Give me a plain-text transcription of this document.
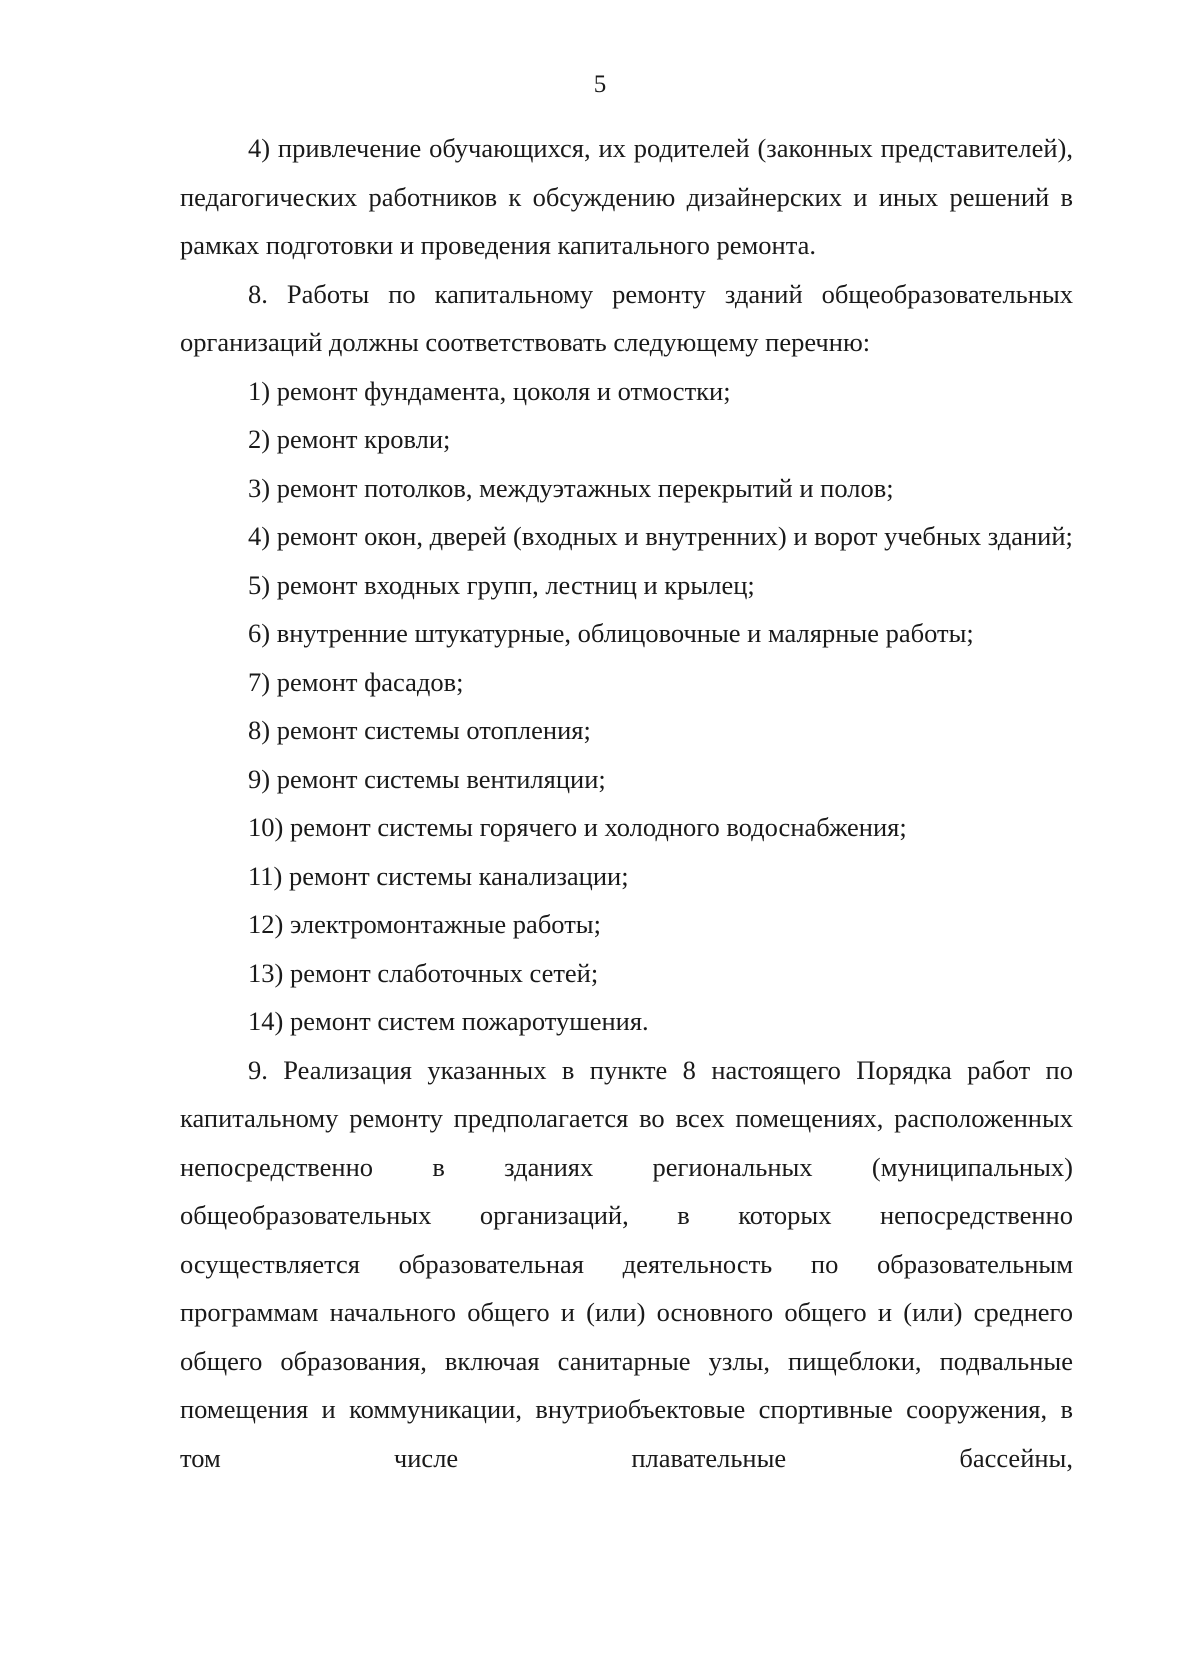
5

4) привлечение обучающихся, их родителей (законных представителей), педагогических работников к обсуждению дизайнерских и иных решений в рамках подготовки и проведения капитального ремонта.

8. Работы по капитальному ремонту зданий общеобразовательных организаций должны соответствовать следующему перечню:

1) ремонт фундамента, цоколя и отмостки;

2) ремонт кровли;

3) ремонт потолков, междуэтажных перекрытий и полов;

4) ремонт окон, дверей (входных и внутренних) и ворот учебных зданий;

5) ремонт входных групп, лестниц и крылец;

6) внутренние штукатурные, облицовочные и малярные работы;

7) ремонт фасадов;

8) ремонт системы отопления;

9) ремонт системы вентиляции;

10) ремонт системы горячего и холодного водоснабжения;

11) ремонт системы канализации;

12) электромонтажные работы;

13) ремонт слаботочных сетей;

14) ремонт систем пожаротушения.

9. Реализация указанных в пункте 8 настоящего Порядка работ по капитальному ремонту предполагается во всех помещениях, расположенных непосредственно в зданиях региональных (муниципальных) общеобразовательных организаций, в которых непосредственно осуществляется образовательная деятельность по образовательным программам начального общего и (или) основного общего и (или) среднего общего образования, включая санитарные узлы, пищеблоки, подвальные помещения и коммуникации, внутриобъектовые спортивные сооружения, в том числе плавательные бассейны,
